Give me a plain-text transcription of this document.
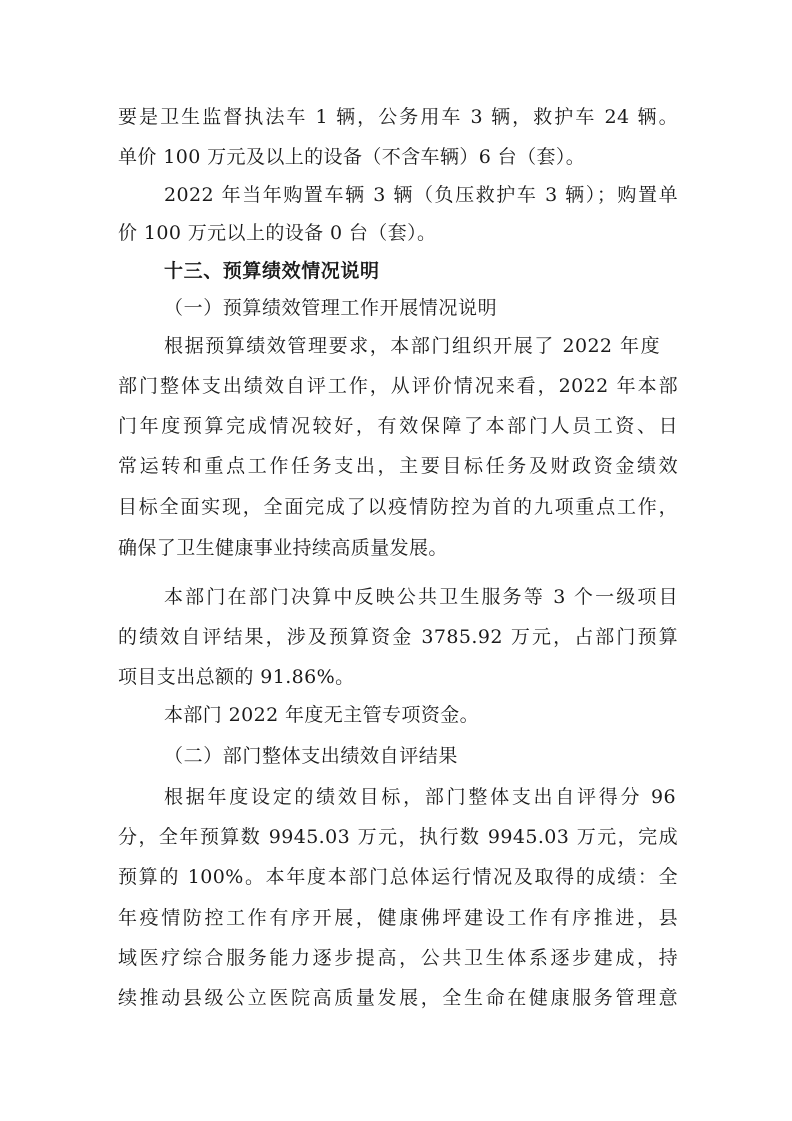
要是卫生监督执法车 1 辆，公务用车 3 辆，救护车 24 辆。
单价 100 万元及以上的设备（不含车辆）6 台（套）。
2022 年当年购置车辆 3 辆（负压救护车 3 辆）；购置单
价 100 万元以上的设备 0 台（套）。
十三、预算绩效情况说明
（一）预算绩效管理工作开展情况说明
根据预算绩效管理要求，本部门组织开展了 2022 年度
部门整体支出绩效自评工作，从评价情况来看，2022 年本部
门年度预算完成情况较好，有效保障了本部门人员工资、日
常运转和重点工作任务支出，主要目标任务及财政资金绩效
目标全面实现，全面完成了以疫情防控为首的九项重点工作，
确保了卫生健康事业持续高质量发展。
本部门在部门决算中反映公共卫生服务等 3 个一级项目
的绩效自评结果，涉及预算资金 3785.92 万元，占部门预算
项目支出总额的 91.86%。
本部门 2022 年度无主管专项资金。
（二）部门整体支出绩效自评结果
根据年度设定的绩效目标，部门整体支出自评得分 96
分，全年预算数 9945.03 万元，执行数 9945.03 万元，完成
预算的 100%。本年度本部门总体运行情况及取得的成绩：全
年疫情防控工作有序开展，健康佛坪建设工作有序推进，县
域医疗综合服务能力逐步提高，公共卫生体系逐步建成，持
续推动县级公立医院高质量发展，全生命在健康服务管理意
